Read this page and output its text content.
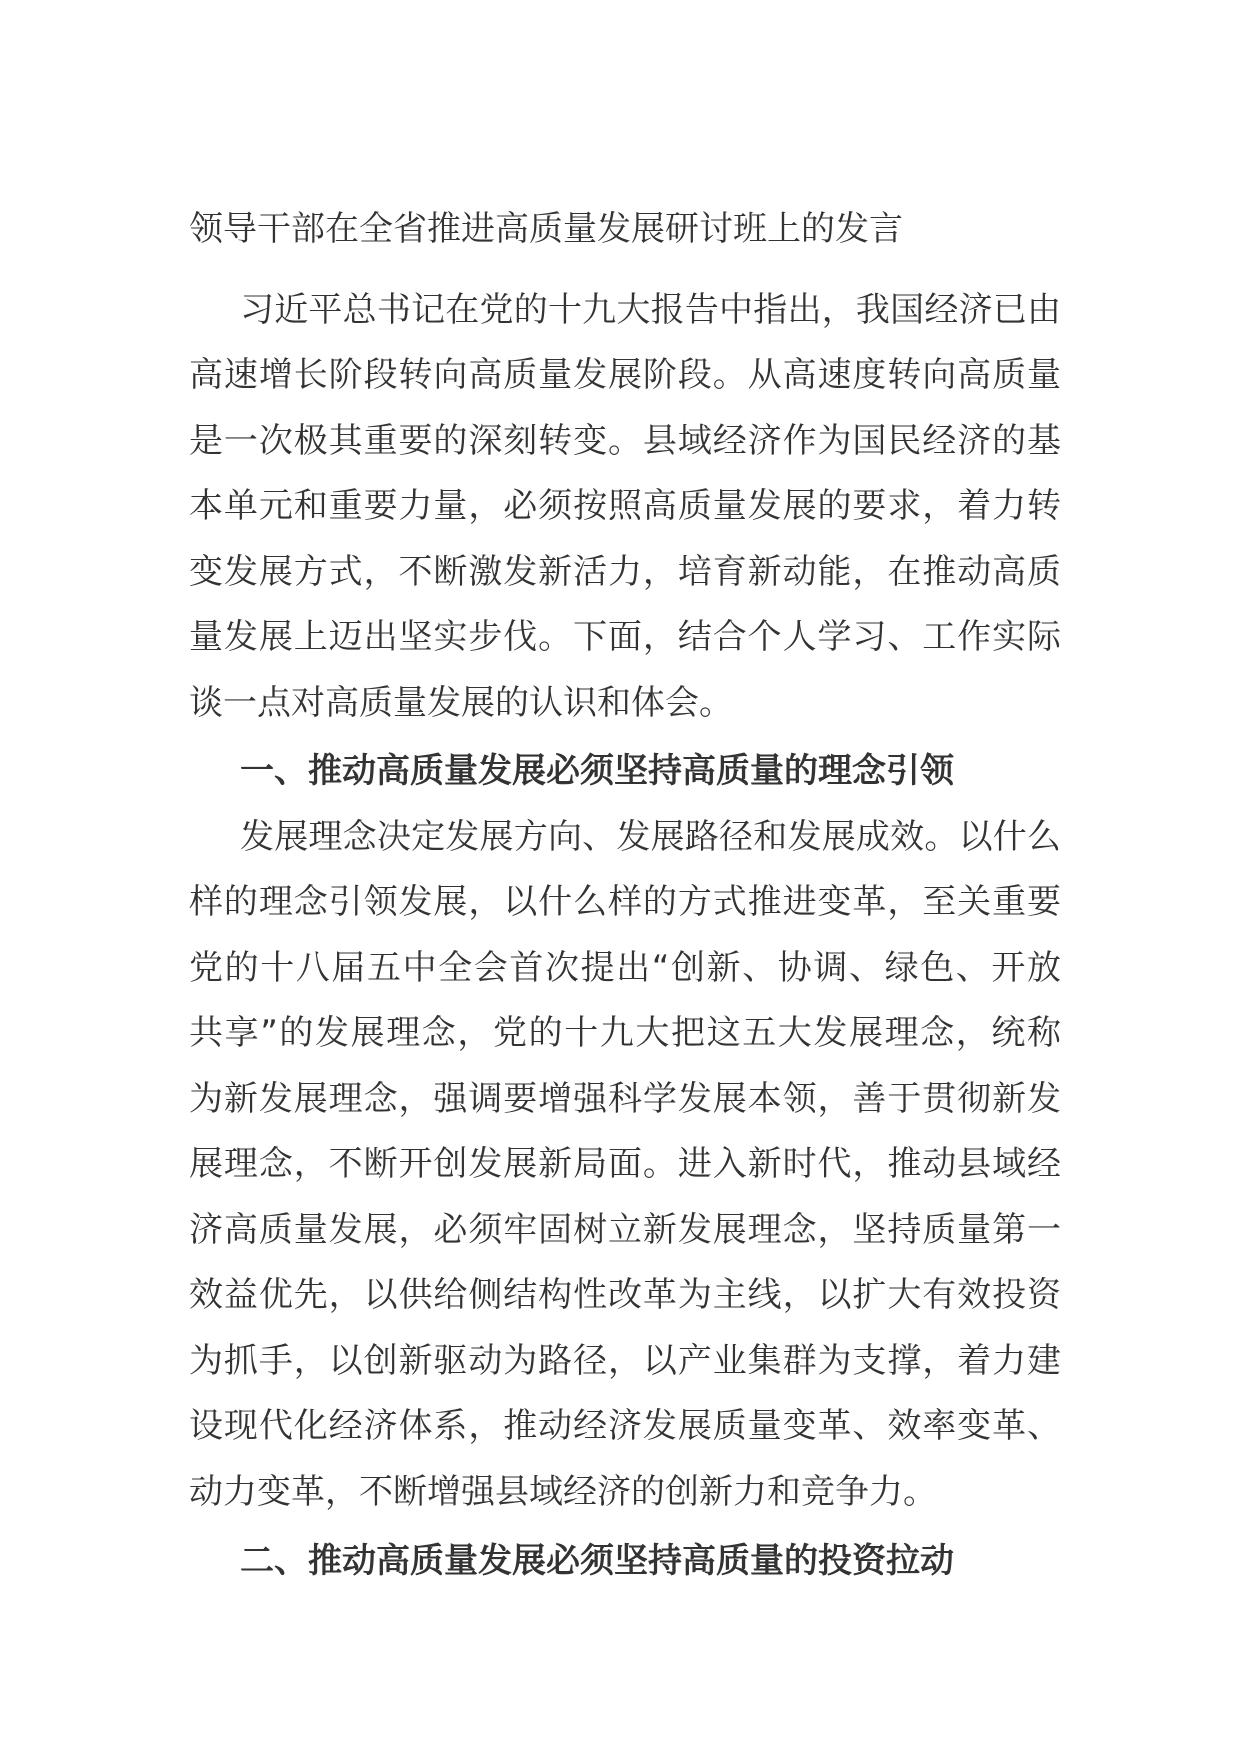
领导干部在全省推进高质量发展研讨班上的发言
习近平总书记在党的十九大报告中指出，我国经济已由
高速增长阶段转向高质量发展阶段。从高速度转向高质量
是一次极其重要的深刻转变。县域经济作为国民经济的基
本单元和重要力量，必须按照高质量发展的要求，着力转
变发展方式，不断激发新活力，培育新动能，在推动高质
量发展上迈出坚实步伐。下面，结合个人学习、工作实际
谈一点对高质量发展的认识和体会。
一、推动高质量发展必须坚持高质量的理念引领
发展理念决定发展方向、发展路径和发展成效。以什么
样的理念引领发展，以什么样的方式推进变革，至关重要
党的十八届五中全会首次提出“创新、协调、绿色、开放
共享”的发展理念，党的十九大把这五大发展理念，统称
为新发展理念，强调要增强科学发展本领，善于贯彻新发
展理念，不断开创发展新局面。进入新时代，推动县域经
济高质量发展，必须牢固树立新发展理念，坚持质量第一
效益优先，以供给侧结构性改革为主线，以扩大有效投资
为抓手，以创新驱动为路径，以产业集群为支撑，着力建
设现代化经济体系，推动经济发展质量变革、效率变革、
动力变革，不断增强县域经济的创新力和竞争力。
二、推动高质量发展必须坚持高质量的投资拉动
